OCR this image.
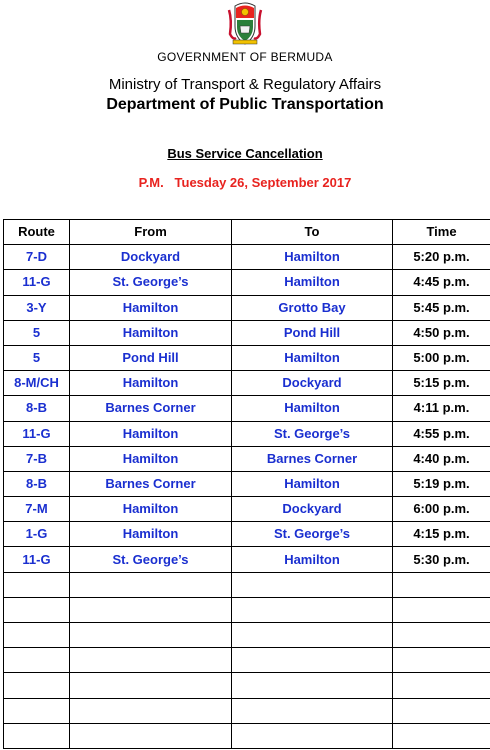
GOVERNMENT OF BERMUDA
Ministry of Transport & Regulatory Affairs
Department of Public Transportation
Bus Service Cancellation
P.M.   Tuesday 26, September 2017
Route	From	To	Time
7-D	Dockyard	Hamilton	5:20 p.m.
11-G	St. George’s	Hamilton	4:45 p.m.
3-Y	Hamilton	Grotto Bay	5:45 p.m.
5	Hamilton	Pond Hill	4:50 p.m.
5	Pond Hill	Hamilton	5:00 p.m.
8-M/CH	Hamilton	Dockyard	5:15 p.m.
8-B	Barnes Corner	Hamilton	4:11 p.m.
11-G	Hamilton	St. George’s	4:55 p.m.
7-B	Hamilton	Barnes Corner	4:40 p.m.
8-B	Barnes Corner	Hamilton	5:19 p.m.
7-M	Hamilton	Dockyard	6:00 p.m.
1-G	Hamilton	St. George’s	4:15 p.m.
11-G	St. George’s	Hamilton	5:30 p.m.
